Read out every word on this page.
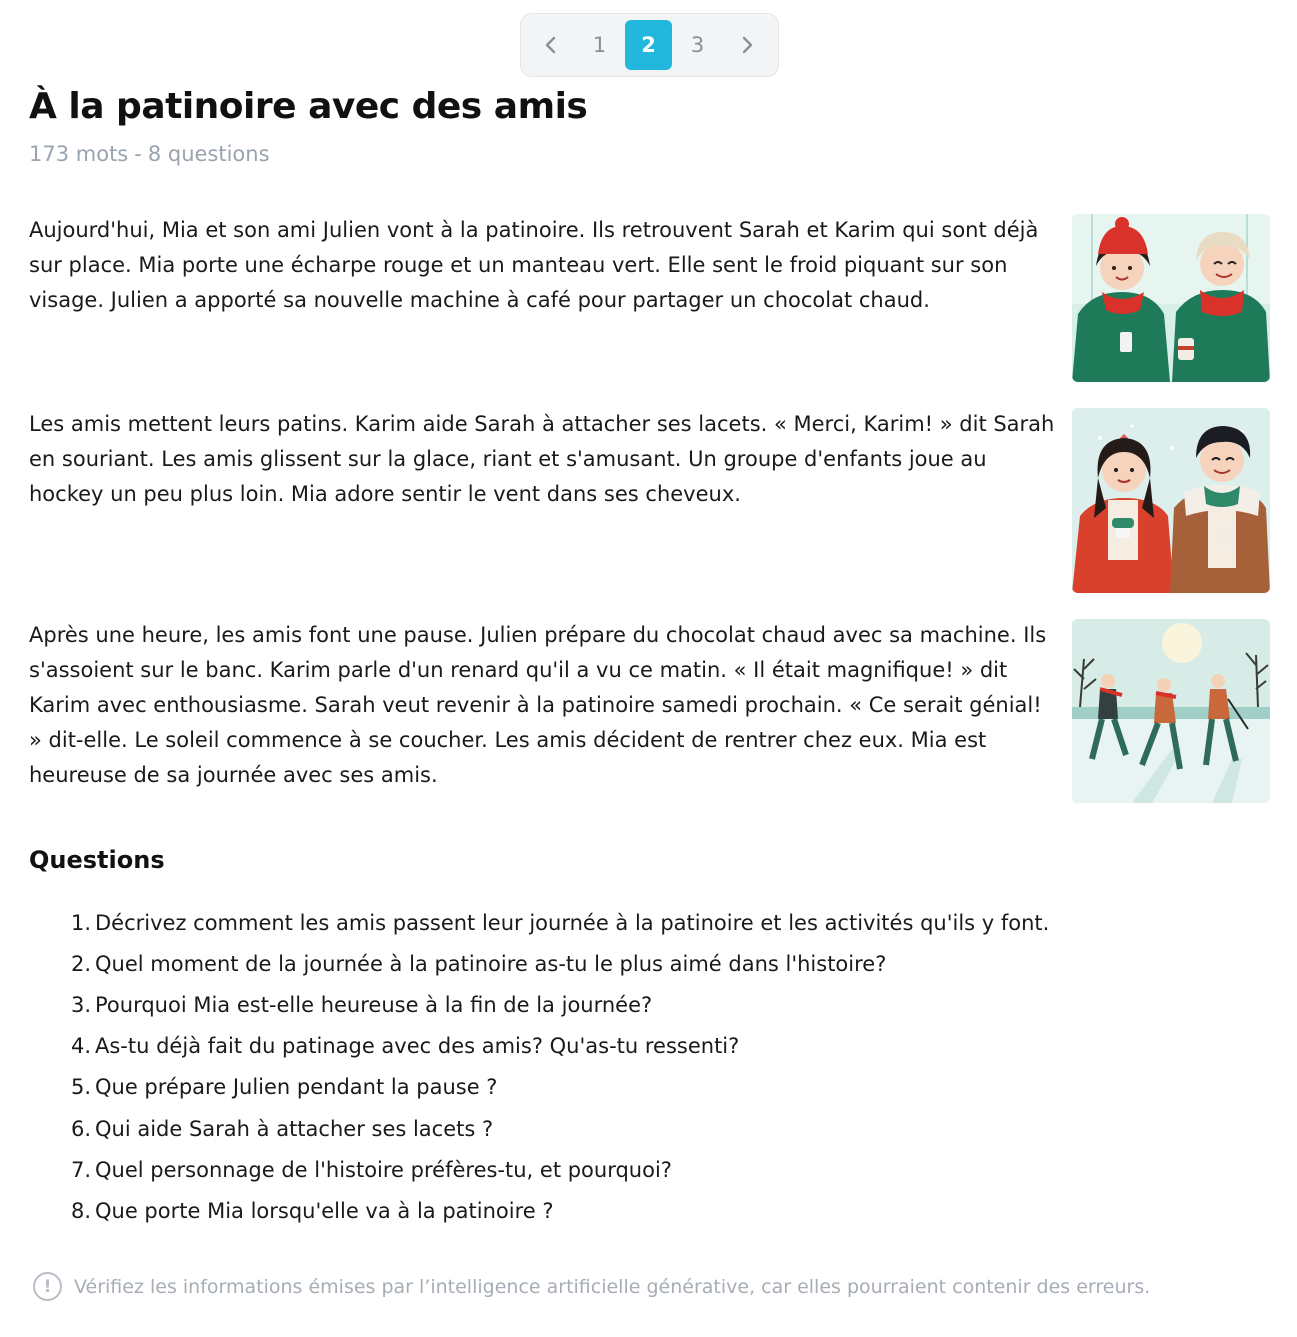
1	2	3
À la patinoire avec des amis
173 mots - 8 questions

Aujourd'hui, Mia et son ami Julien vont à la patinoire. Ils retrouvent Sarah et Karim qui sont déjà sur place. Mia porte une écharpe rouge et un manteau vert. Elle sent le froid piquant sur son visage. Julien a apporté sa nouvelle machine à café pour partager un chocolat chaud.

Les amis mettent leurs patins. Karim aide Sarah à attacher ses lacets. « Merci, Karim! » dit Sarah en souriant. Les amis glissent sur la glace, riant et s'amusant. Un groupe d'enfants joue au hockey un peu plus loin. Mia adore sentir le vent dans ses cheveux.

Après une heure, les amis font une pause. Julien prépare du chocolat chaud avec sa machine. Ils s'assoient sur le banc. Karim parle d'un renard qu'il a vu ce matin. « Il était magnifique! » dit Karim avec enthousiasme. Sarah veut revenir à la patinoire samedi prochain. « Ce serait génial! » dit-elle. Le soleil commence à se coucher. Les amis décident de rentrer chez eux. Mia est heureuse de sa journée avec ses amis.

Questions
1. Décrivez comment les amis passent leur journée à la patinoire et les activités qu'ils y font.
2. Quel moment de la journée à la patinoire as-tu le plus aimé dans l'histoire?
3. Pourquoi Mia est-elle heureuse à la fin de la journée?
4. As-tu déjà fait du patinage avec des amis? Qu'as-tu ressenti?
5. Que prépare Julien pendant la pause ?
6. Qui aide Sarah à attacher ses lacets ?
7. Quel personnage de l'histoire préfères-tu, et pourquoi?
8. Que porte Mia lorsqu'elle va à la patinoire ?
!	Vérifiez les informations émises par l’intelligence artificielle générative, car elles pourraient contenir des erreurs.
